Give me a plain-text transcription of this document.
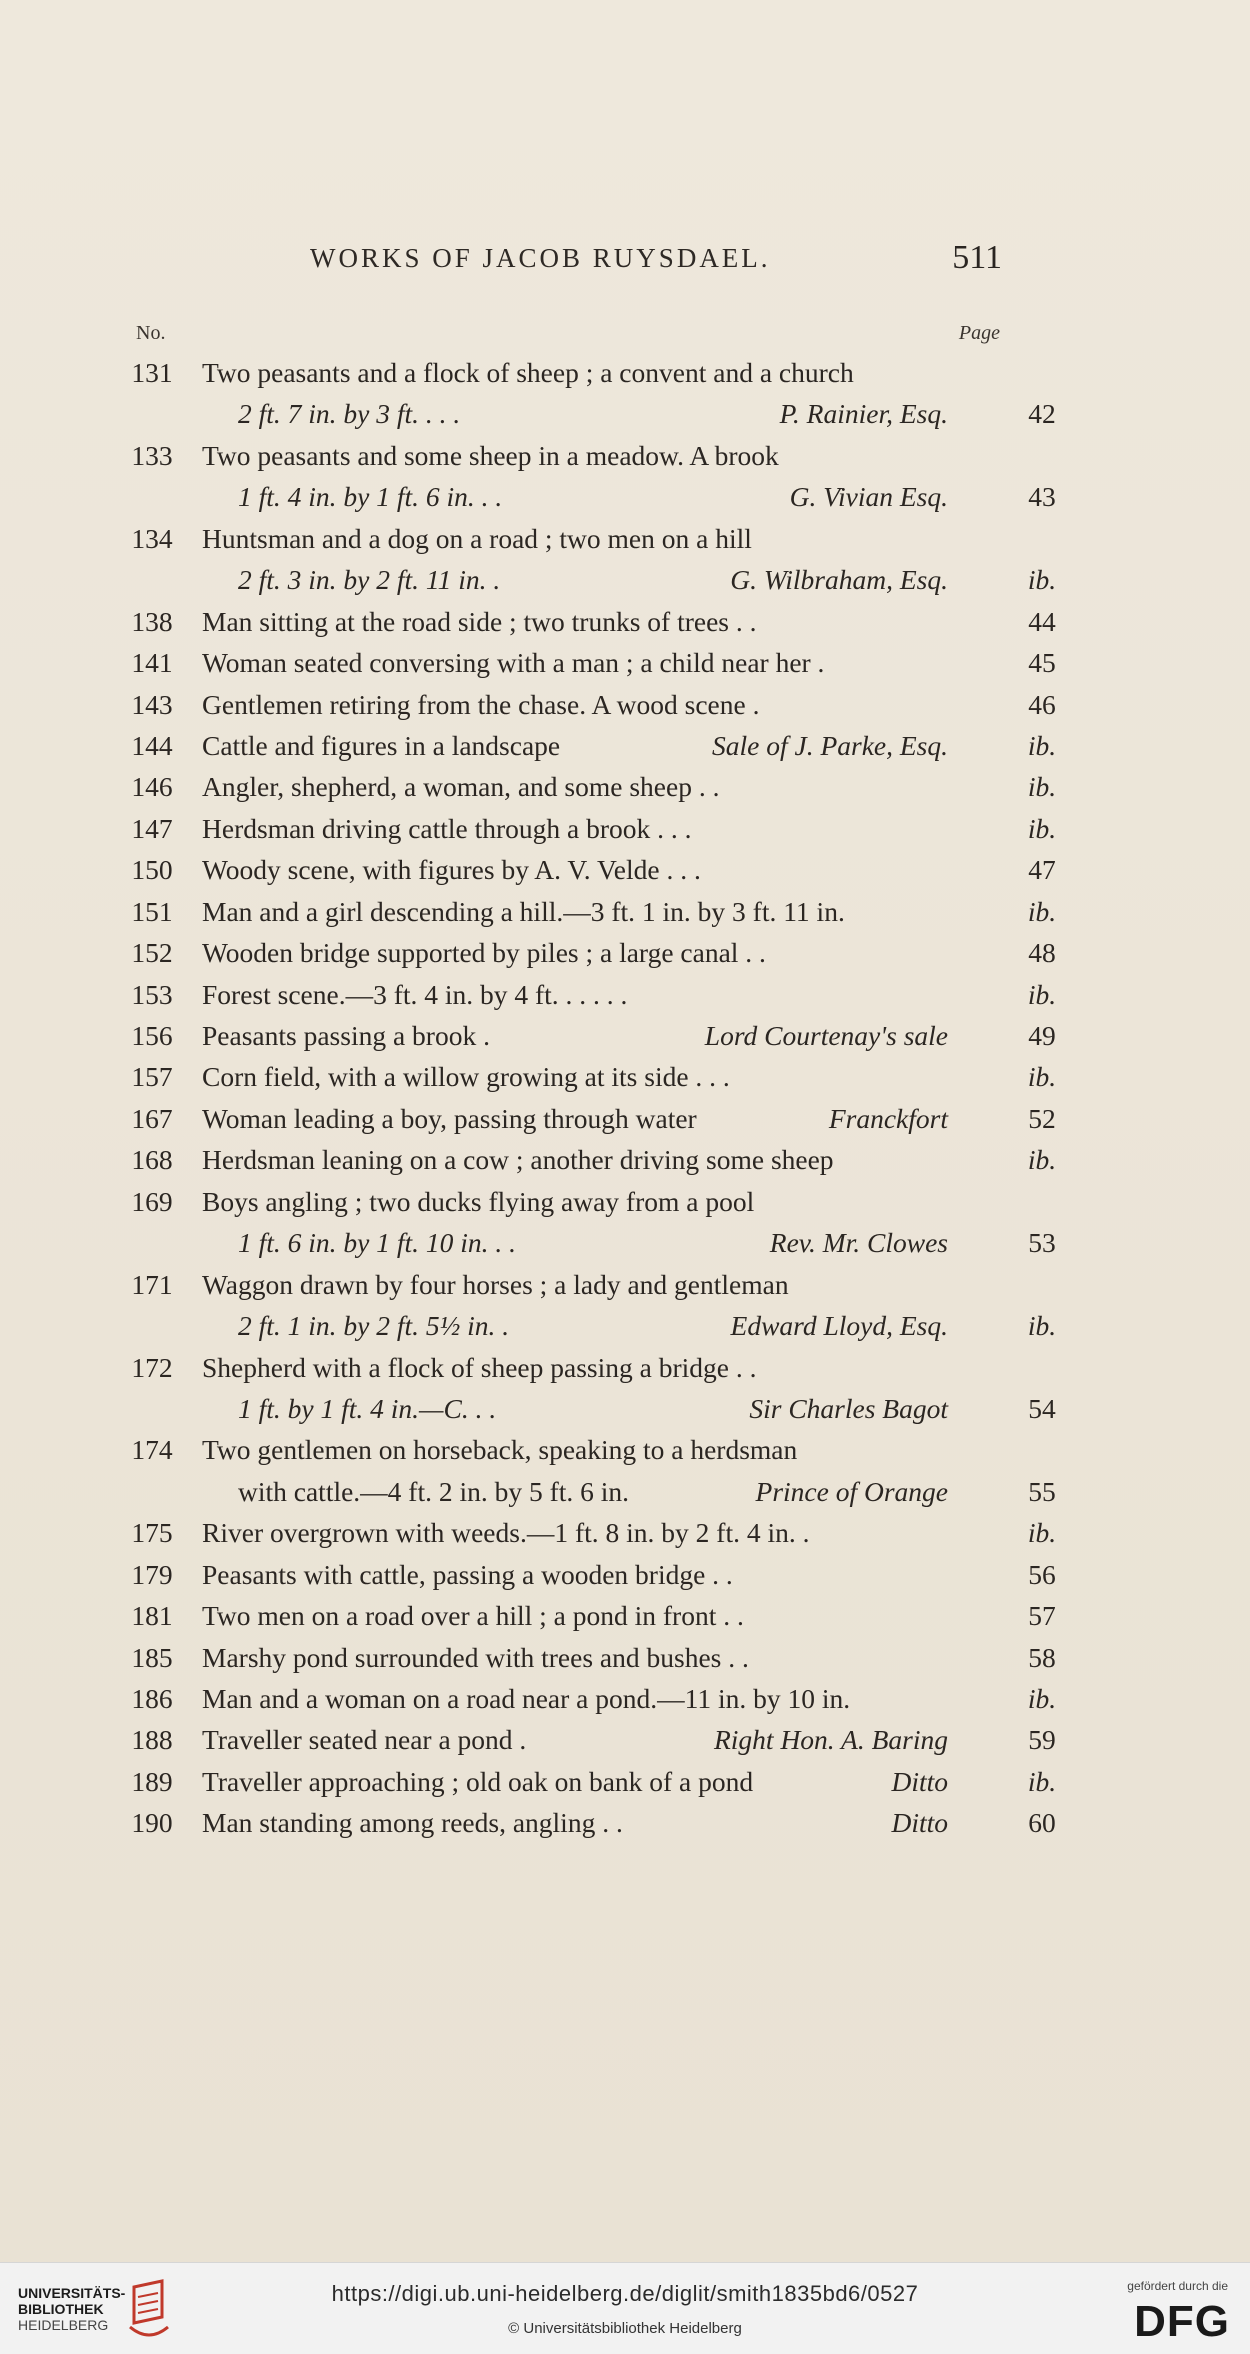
WORKS OF JACOB RUYSDAEL.	511
No.	Page
131 Two peasants and a flock of sheep ; a convent and a church
2 ft. 7 in. by 3 ft. . . .	P. Rainier, Esq.	42
133 Two peasants and some sheep in a meadow. A brook
1 ft. 4 in. by 1 ft. 6 in. . .	G. Vivian Esq.	43
134 Huntsman and a dog on a road ; two men on a hill
2 ft. 3 in. by 2 ft. 11 in. .	G. Wilbraham, Esq.	ib.
138 Man sitting at the road side ; two trunks of trees . .	44
141 Woman seated conversing with a man ; a child near her .	45
143 Gentlemen retiring from the chase. A wood scene .	46
144 Cattle and figures in a landscape	Sale of J. Parke, Esq.	ib.
146 Angler, shepherd, a woman, and some sheep . .	ib.
147 Herdsman driving cattle through a brook . . .	ib.
150 Woody scene, with figures by A. V. Velde . . .	47
151 Man and a girl descending a hill.—3 ft. 1 in. by 3 ft. 11 in.	ib.
152 Wooden bridge supported by piles ; a large canal . .	48
153 Forest scene.—3 ft. 4 in. by 4 ft. . . . . .	ib.
156 Peasants passing a brook .	Lord Courtenay's sale	49
157 Corn field, with a willow growing at its side . . .	ib.
167 Woman leading a boy, passing through water	Franckfort	52
168 Herdsman leaning on a cow ; another driving some sheep	ib.
169 Boys angling ; two ducks flying away from a pool
1 ft. 6 in. by 1 ft. 10 in. . .	Rev. Mr. Clowes	53
171 Waggon drawn by four horses ; a lady and gentleman
2 ft. 1 in. by 2 ft. 5½ in. .	Edward Lloyd, Esq.	ib.
172 Shepherd with a flock of sheep passing a bridge . .
1 ft. by 1 ft. 4 in.—C. . .	Sir Charles Bagot	54
174 Two gentlemen on horseback, speaking to a herdsman
with cattle.—4 ft. 2 in. by 5 ft. 6 in.	Prince of Orange	55
175 River overgrown with weeds.—1 ft. 8 in. by 2 ft. 4 in. .	ib.
179 Peasants with cattle, passing a wooden bridge . .	56
181 Two men on a road over a hill ; a pond in front . .	57
185 Marshy pond surrounded with trees and bushes . .	58
186 Man and a woman on a road near a pond.—11 in. by 10 in.	ib.
188 Traveller seated near a pond .	Right Hon. A. Baring	59
189 Traveller approaching ; old oak on bank of a pond	Ditto	ib.
190 Man standing among reeds, angling . .	Ditto	60
UNIVERSITÄTS-
BIBLIOTHEK
HEIDELBERG
https://digi.ub.uni-heidelberg.de/diglit/smith1835bd6/0527
© Universitätsbibliothek Heidelberg
gefördert durch die
DFG
